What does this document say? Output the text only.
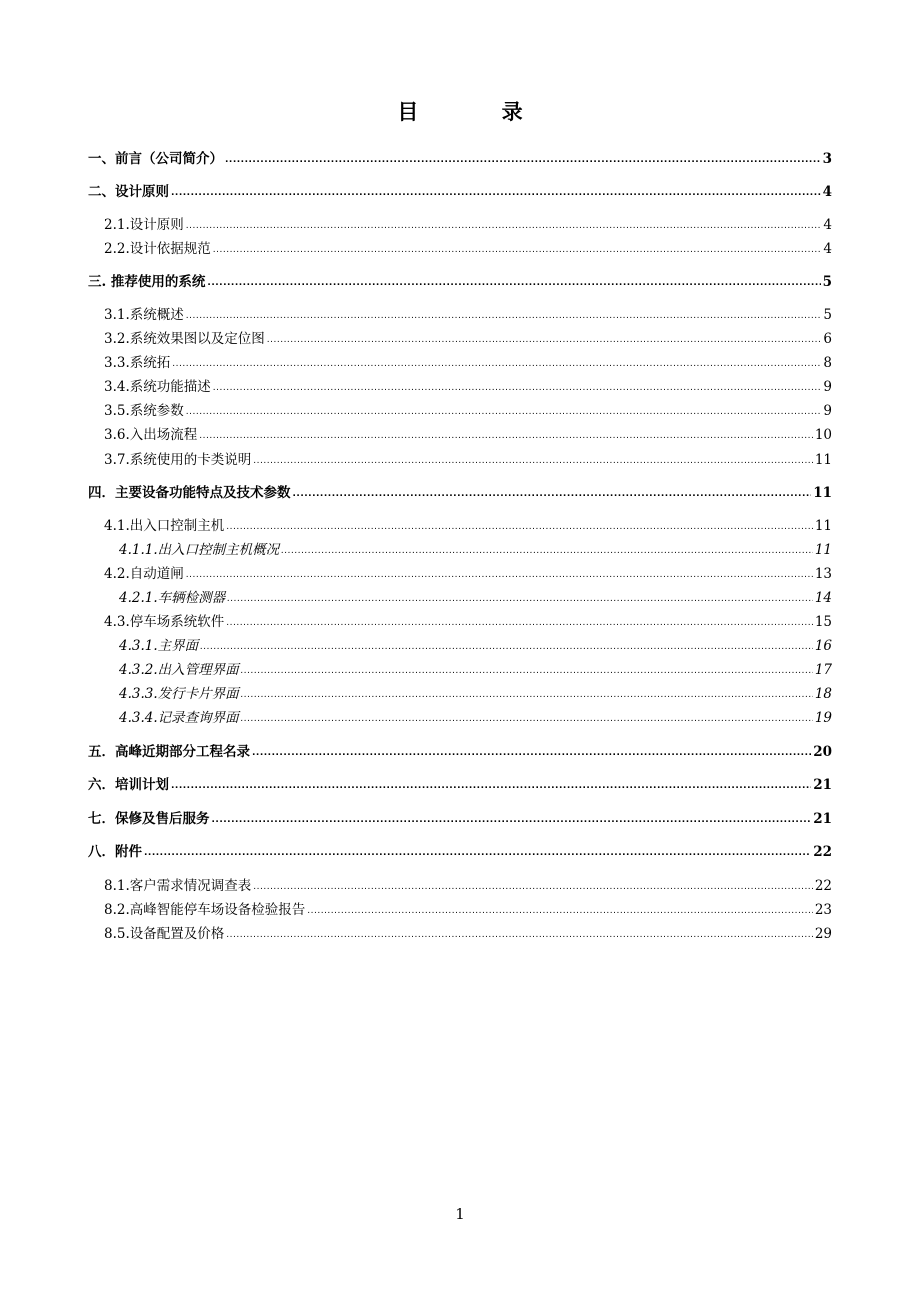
目 录
一、前言（公司简介） .....	3
二、设计原则 .....	4
2.1.设计原则 .....	4
2.2.设计依据规范 .....	4
三. 推荐使用的系统 .....	5
3.1.系统概述 .....	5
3.2.系统效果图以及定位图 .....	6
3.3.系统拓 .....	8
3.4.系统功能描述 .....	9
3.5.系统参数 .....	9
3.6.入出场流程 .....	10
3.7.系统使用的卡类说明 .....	11
四．主要设备功能特点及技术参数 .....	11
4.1.出入口控制主机 .....	11
4.1.1.出入口控制主机概况 .....	11
4.2.自动道闸 .....	13
4.2.1.车辆检测器 .....	14
4.3.停车场系统软件 .....	15
4.3.1.主界面 .....	16
4.3.2.出入管理界面 .....	17
4.3.3.发行卡片界面 .....	18
4.3.4.记录查询界面 .....	19
五．高峰近期部分工程名录 .....	20
六．培训计划 .....	21
七．保修及售后服务 .....	21
八．附件 .....	22
8.1.客户需求情况调查表 .....	22
8.2.高峰智能停车场设备检验报告 .....	23
8.5.设备配置及价格 .....	29
1
